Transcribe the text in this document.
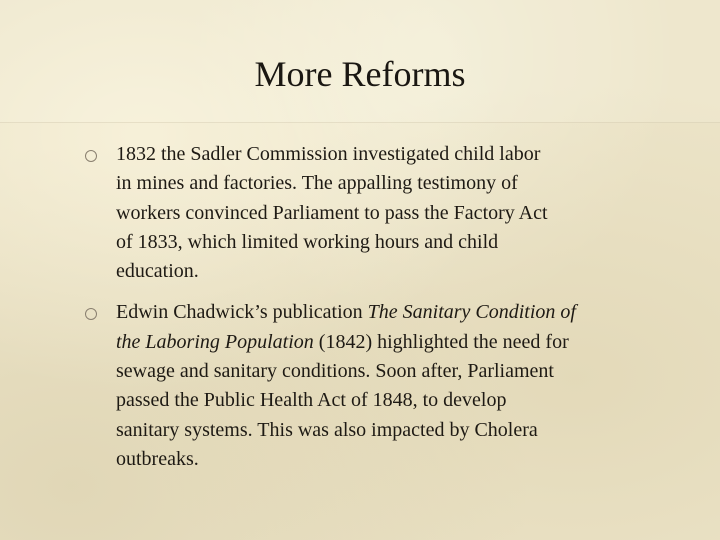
More Reforms
1832 the Sadler Commission investigated child labor
in mines and factories. The appalling testimony of
workers convinced Parliament to pass the Factory Act
of 1833, which limited working hours and child
education.
Edwin Chadwick’s publication The Sanitary Condition of
the Laboring Population (1842) highlighted the need for
sewage and sanitary conditions. Soon after, Parliament
passed the Public Health Act of 1848, to develop
sanitary systems. This was also impacted by Cholera
outbreaks.
